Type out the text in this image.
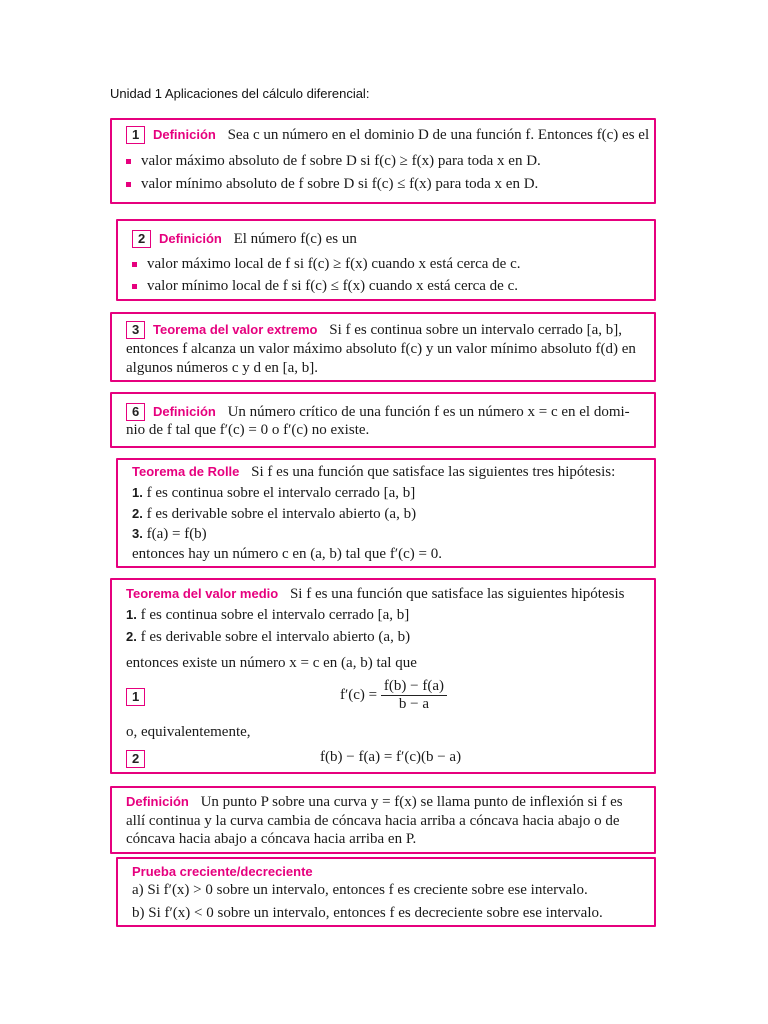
Unidad 1 Aplicaciones del cálculo diferencial:
1 Definición Sea c un número en el dominio D de una función f. Entonces f(c) es el
valor máximo absoluto de f sobre D si f(c) ≥ f(x) para toda x en D.
valor mínimo absoluto de f sobre D si f(c) ≤ f(x) para toda x en D.
2 Definición El número f(c) es un
valor máximo local de f si f(c) ≥ f(x) cuando x está cerca de c.
valor mínimo local de f si f(c) ≤ f(x) cuando x está cerca de c.
3 Teorema del valor extremo Si f es continua sobre un intervalo cerrado [a, b],
entonces f alcanza un valor máximo absoluto f(c) y un valor mínimo absoluto f(d) en
algunos números c y d en [a, b].
6 Definición Un número crítico de una función f es un número x = c en el domi-
nio de f tal que f′(c) = 0 o f′(c) no existe.
Teorema de Rolle Si f es una función que satisface las siguientes tres hipótesis:
1. f es continua sobre el intervalo cerrado [a, b]
2. f es derivable sobre el intervalo abierto (a, b)
3. f(a) = f(b)
entonces hay un número c en (a, b) tal que f′(c) = 0.
Teorema del valor medio Si f es una función que satisface las siguientes hipótesis
1. f es continua sobre el intervalo cerrado [a, b]
2. f es derivable sobre el intervalo abierto (a, b)
entonces existe un número x = c en (a, b) tal que
1	$f'(c) = \frac{f(b) - f(a)}{b - a}$
o, equivalentemente,
2	f(b) − f(a) = f′(c)(b − a)
Definición Un punto P sobre una curva y = f(x) se llama punto de inflexión si f es
allí continua y la curva cambia de cóncava hacia arriba a cóncava hacia abajo o de
cóncava hacia abajo a cóncava hacia arriba en P.
Prueba creciente/decreciente
a) Si f′(x) > 0 sobre un intervalo, entonces f es creciente sobre ese intervalo.
b) Si f′(x) < 0 sobre un intervalo, entonces f es decreciente sobre ese intervalo.
